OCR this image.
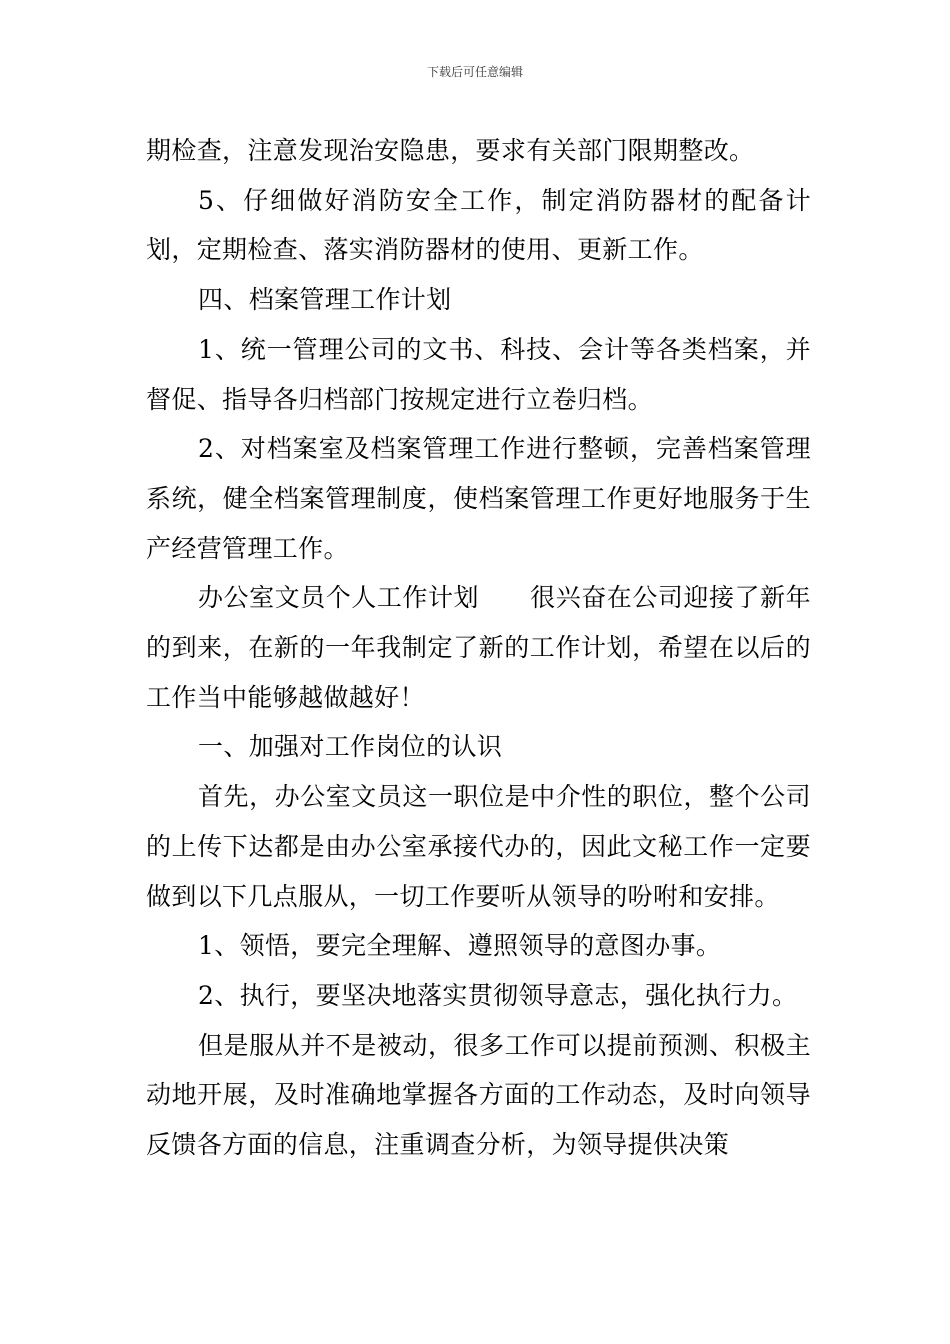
下载后可任意编辑

期检查，注意发现治安隐患，要求有关部门限期整改。

5、仔细做好消防安全工作，制定消防器材的配备计划，定期检查、落实消防器材的使用、更新工作。

四、档案管理工作计划

1、统一管理公司的文书、科技、会计等各类档案，并督促、指导各归档部门按规定进行立卷归档。

2、对档案室及档案管理工作进行整顿，完善档案管理系统，健全档案管理制度，使档案管理工作更好地服务于生产经营管理工作。

办公室文员个人工作计划　　很兴奋在公司迎接了新年的到来，在新的一年我制定了新的工作计划，希望在以后的工作当中能够越做越好！

一、加强对工作岗位的认识

首先，办公室文员这一职位是中介性的职位，整个公司的上传下达都是由办公室承接代办的，因此文秘工作一定要做到以下几点服从，一切工作要听从领导的吩咐和安排。

1、领悟，要完全理解、遵照领导的意图办事。

2、执行，要坚决地落实贯彻领导意志，强化执行力。

但是服从并不是被动，很多工作可以提前预测、积极主动地开展，及时准确地掌握各方面的工作动态，及时向领导反馈各方面的信息，注重调查分析，为领导提供决策
